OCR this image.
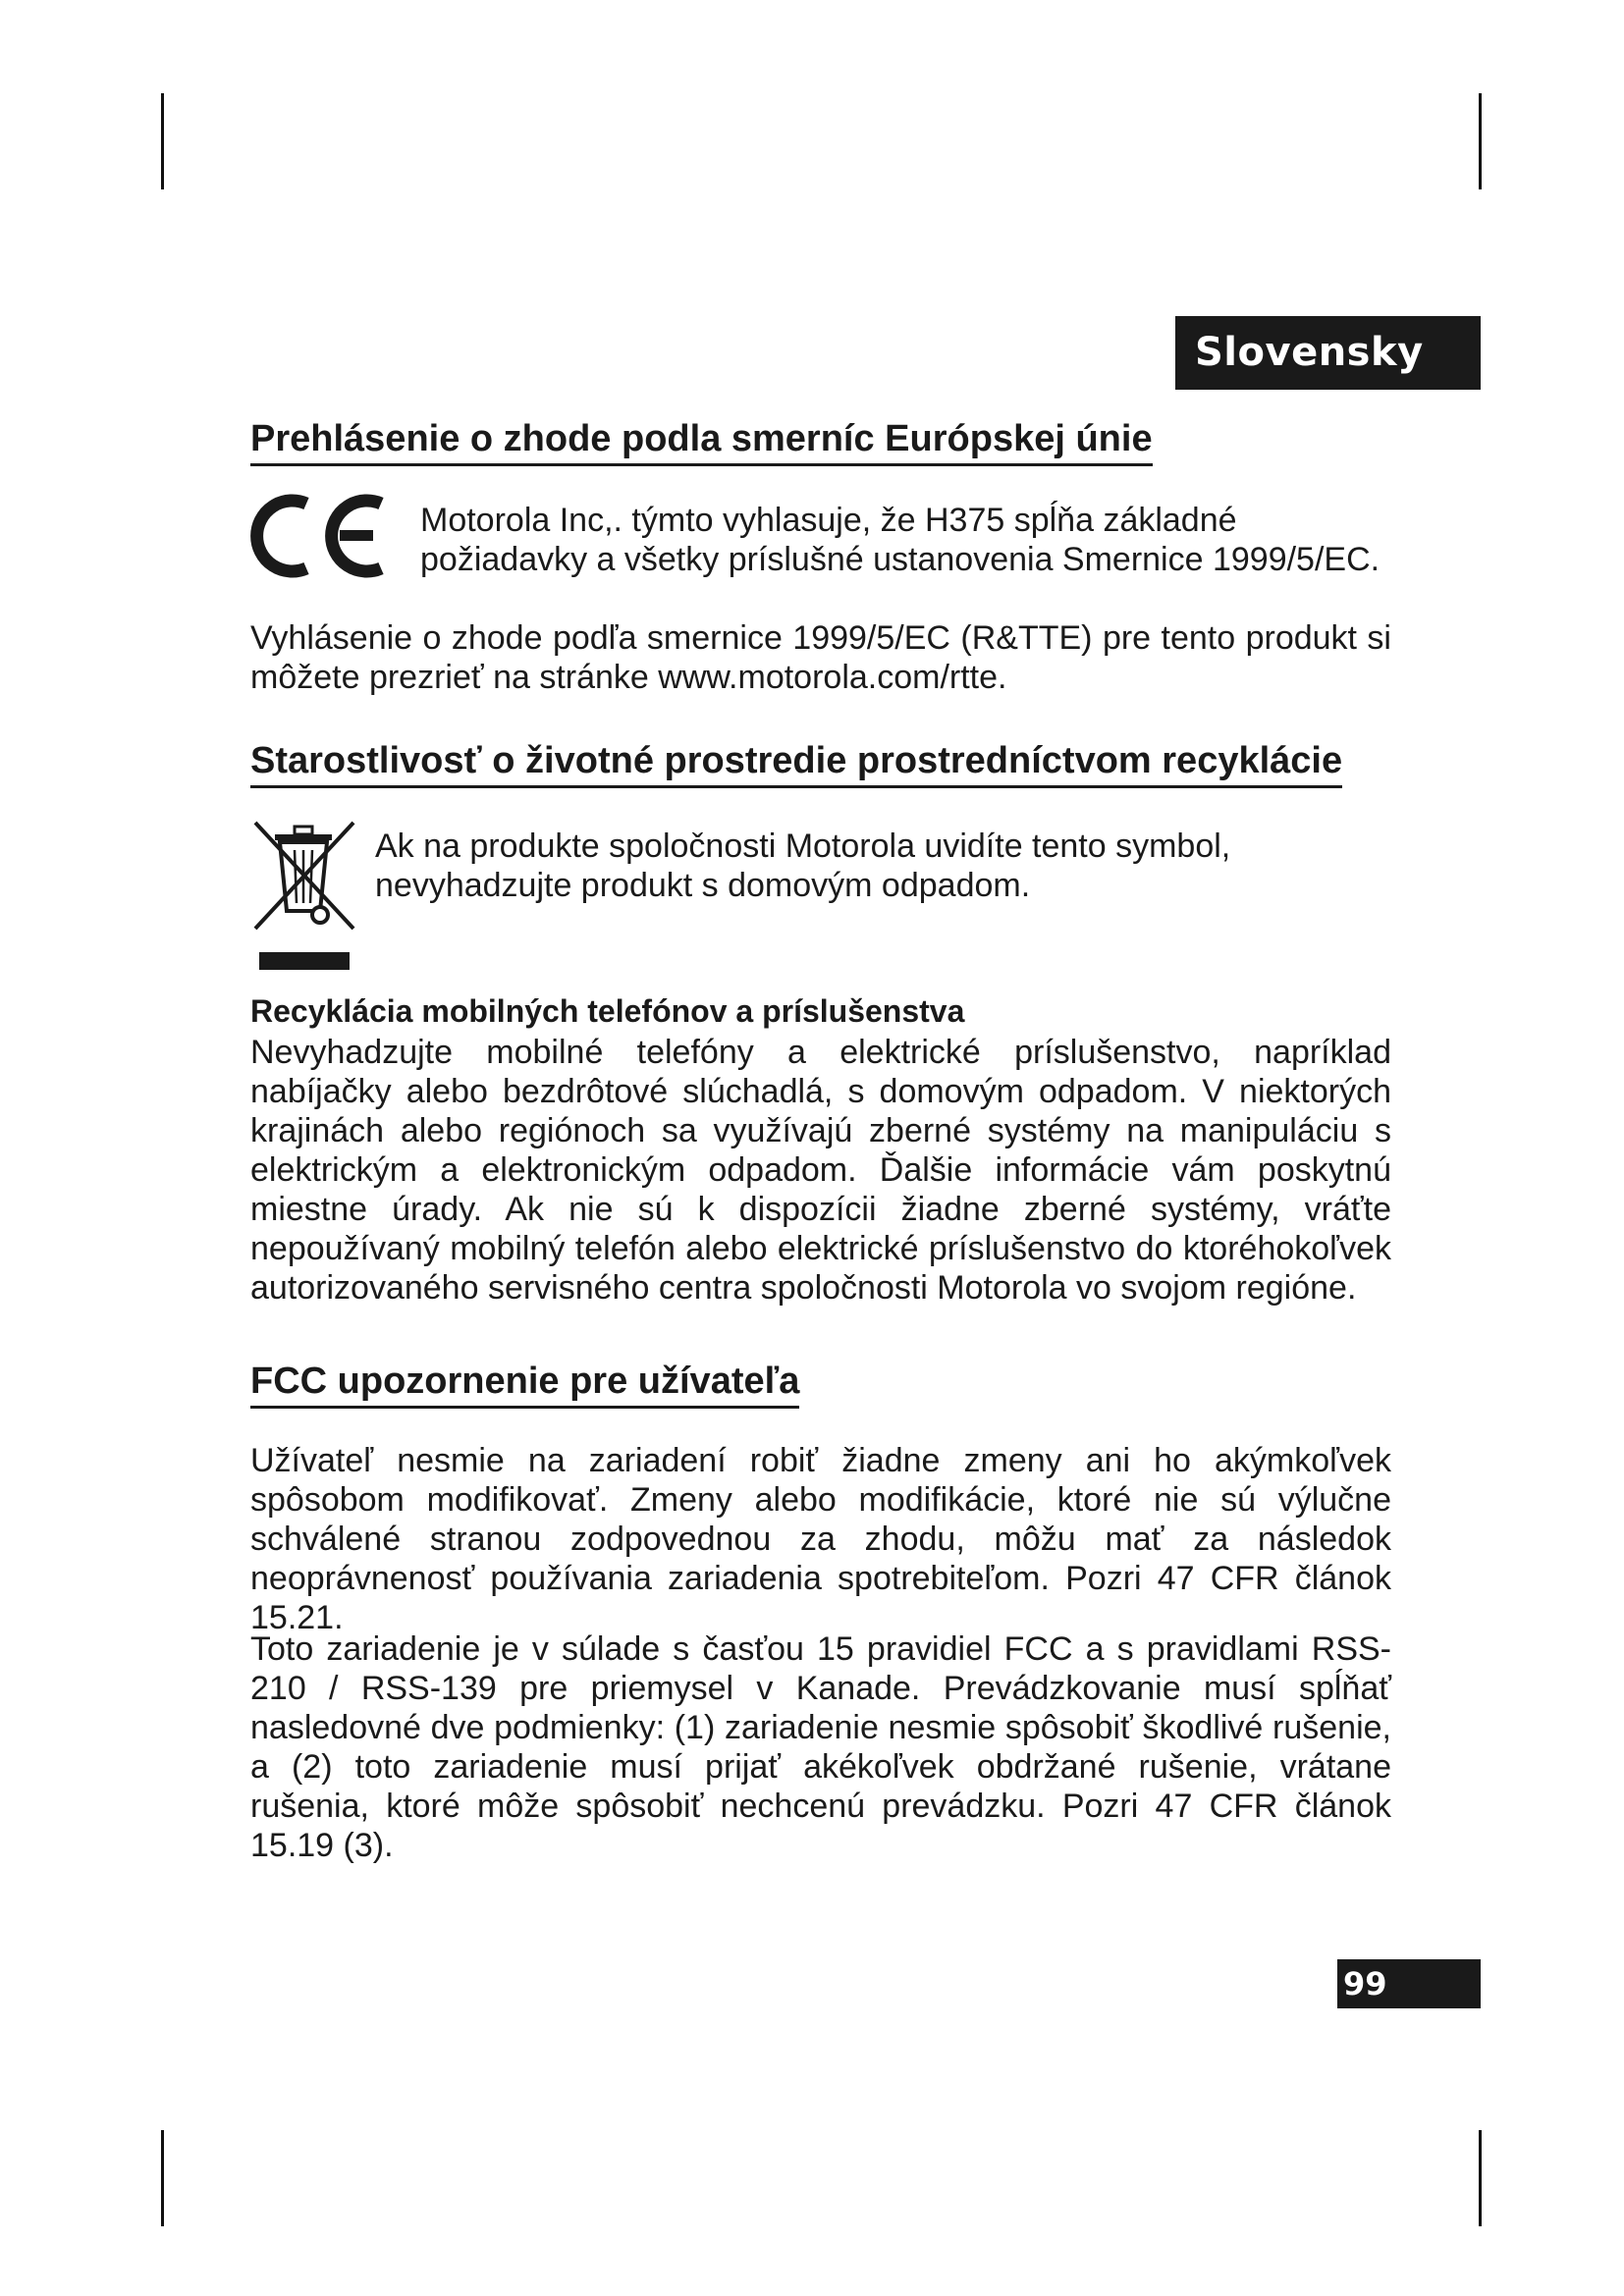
Slovensky
Prehlásenie o zhode podla smerníc Európskej únie

Motorola Inc,. týmto vyhlasuje, že H375 spĺňa základné požiadavky a všetky príslušné ustanovenia Smernice 1999/5/EC.

Vyhlásenie o zhode podľa smernice 1999/5/EC (R&TTE) pre tento produkt si môžete prezrieť na stránke www.motorola.com/rtte.

Starostlivosť o životné prostredie prostredníctvom recyklácie

Ak na produkte spoločnosti Motorola uvidíte tento symbol, nevyhadzujte produkt s domovým odpadom.

Recyklácia mobilných telefónov a príslušenstva

Nevyhadzujte mobilné telefóny a elektrické príslušenstvo, napríklad nabíjačky alebo bezdrôtové slúchadlá, s domovým odpadom. V niektorých krajinách alebo regiónoch sa využívajú zberné systémy na manipuláciu s elektrickým a elektronickým odpadom. Ďalšie informácie vám poskytnú miestne úrady. Ak nie sú k dispozícii žiadne zberné systémy, vráťte nepoužívaný mobilný telefón alebo elektrické príslušenstvo do ktoréhokoľvek autorizovaného servisného centra spoločnosti Motorola vo svojom regióne.

FCC upozornenie pre užívateľa

Užívateľ nesmie na zariadení robiť žiadne zmeny ani ho akýmkoľvek spôsobom modifikovať. Zmeny alebo modifikácie, ktoré nie sú výlučne schválené stranou zodpovednou za zhodu, môžu mať za následok neoprávnenosť používania zariadenia spotrebiteľom. Pozri 47 CFR článok 15.21.

Toto zariadenie je v súlade s časťou 15 pravidiel FCC a s pravidlami RSS-210 / RSS-139 pre priemysel v Kanade. Prevádzkovanie musí spĺňať nasledovné dve podmienky: (1) zariadenie nesmie spôsobiť škodlivé rušenie, a (2) toto zariadenie musí prijať akékoľvek obdržané rušenie, vrátane rušenia, ktoré môže spôsobiť nechcenú prevádzku. Pozri 47 CFR článok 15.19 (3).

99
